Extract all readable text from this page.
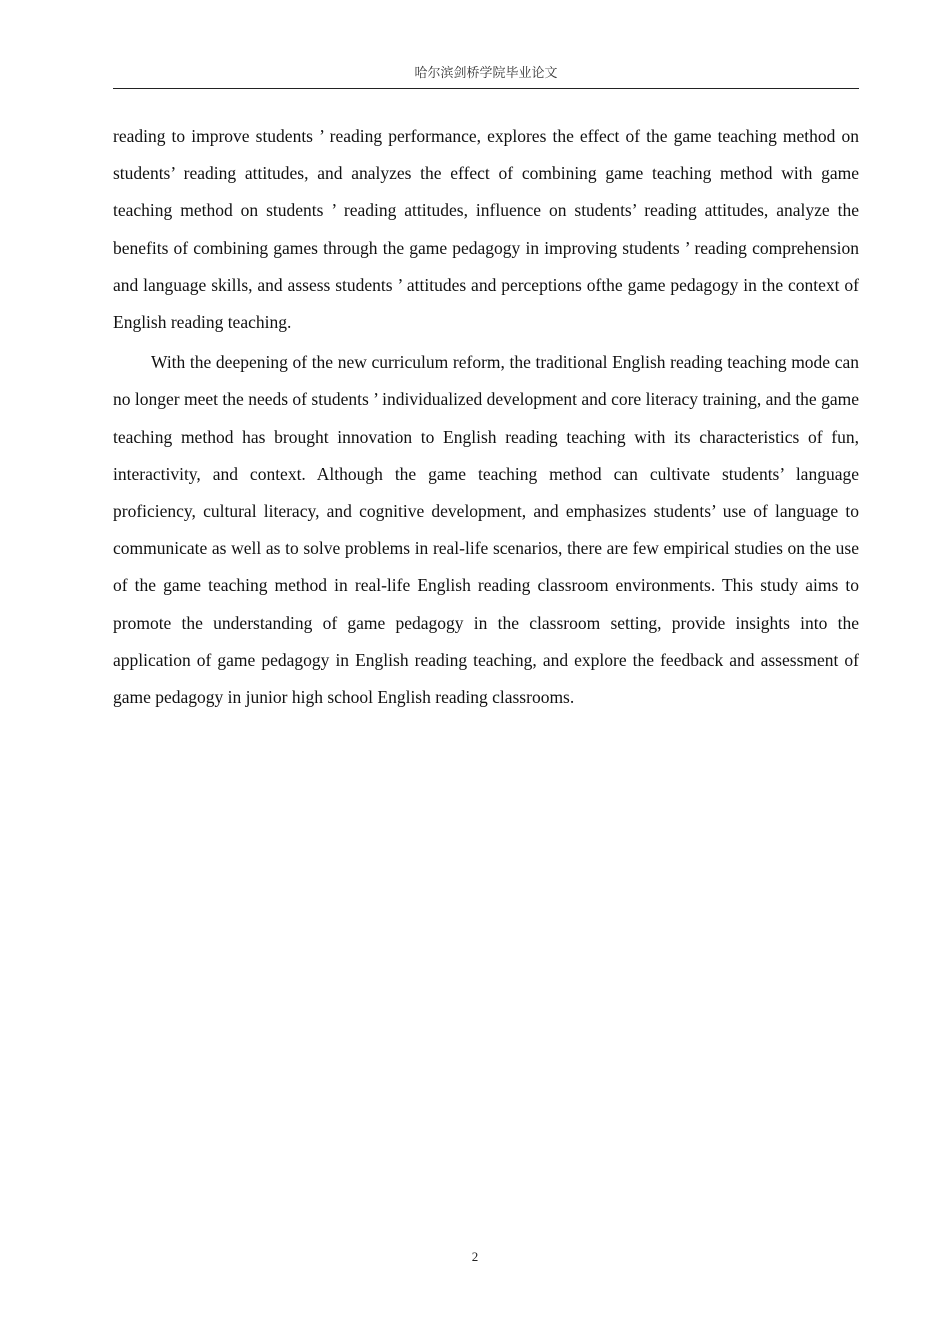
哈尔滨剑桥学院毕业论文

reading to improve students ’ reading performance, explores the effect of the game teaching method on students’ reading attitudes, and analyzes the effect of combining game teaching method with game teaching method on students ’ reading attitudes, influence on students’ reading attitudes, analyze the benefits of combining games through the game pedagogy in improving students ’ reading comprehension and language skills, and assess students ’ attitudes and perceptions ofthe game pedagogy in the context of English reading teaching.

With the deepening of the new curriculum reform, the traditional English reading teaching mode can no longer meet the needs of students ’ individualized development and core literacy training, and the game teaching method has brought innovation to English reading teaching with its characteristics of fun, interactivity, and context. Although the game teaching method can cultivate students’ language proficiency, cultural literacy, and cognitive development, and emphasizes students’ use of language to communicate as well as to solve problems in real-life scenarios, there are few empirical studies on the use of the game teaching method in real-life English reading classroom environments. This study aims to promote the understanding of game pedagogy in the classroom setting, provide insights into the application of game pedagogy in English reading teaching, and explore the feedback and assessment of game pedagogy in junior high school English reading classrooms.

2
